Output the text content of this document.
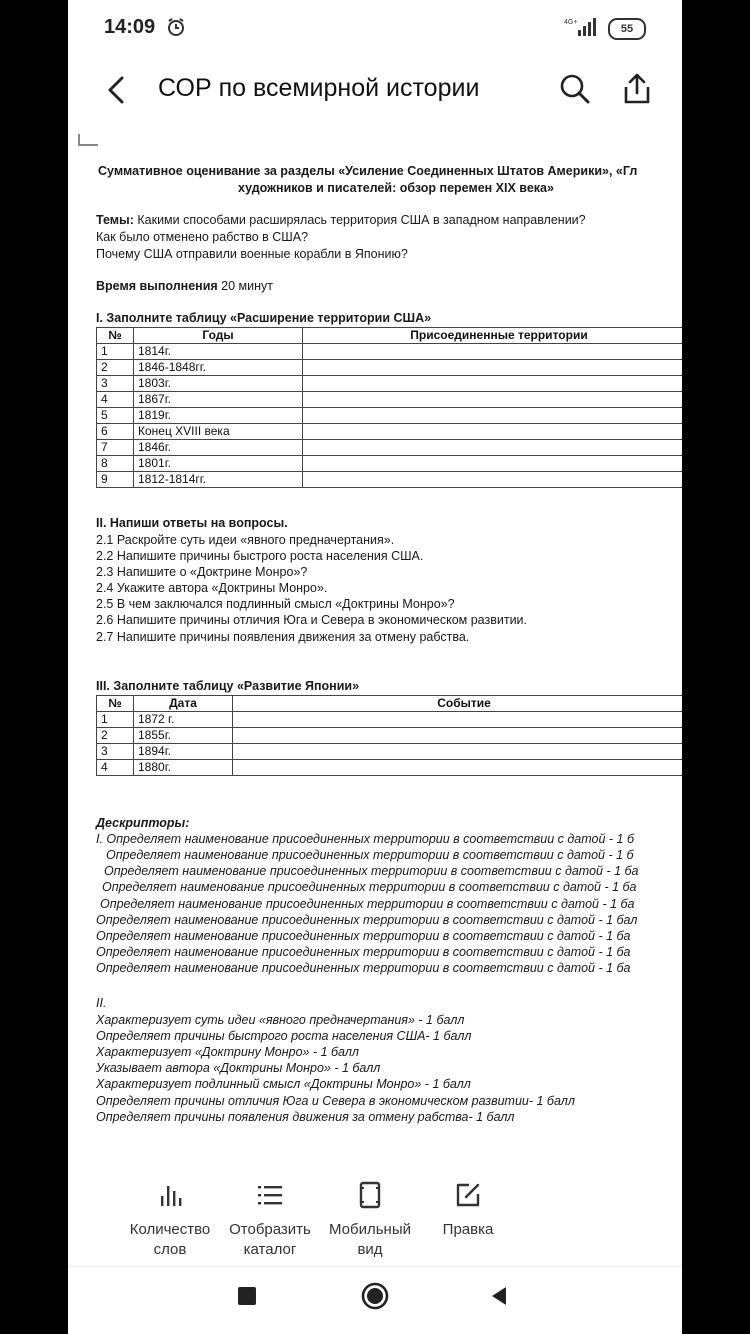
14:09	4G+
55
СОР по всемирной истории
Суммативное оценивание за разделы «Усиление Соединенных Штатов Америки», «Гл
художников и писателей: обзор перемен XIX века»
Темы: Какими способами расширялась территория США в западном направлении?
Как было отменено рабство в США?
Почему США отправили военные корабли в Японию?
Время выполнения 20 минут
I. Заполните таблицу «Расширение территории США»
№	Годы	Присоединенные территории
1	1814г.	
2	1846-1848гг.	
3	1803г.	
4	1867г.	
5	1819г.	
6	Конец XVIII века	
7	1846г.	
8	1801г.	
9	1812-1814гг.	
II. Напиши ответы на вопросы.
2.1 Раскройте суть идеи «явного предначертания».
2.2 Напишите причины быстрого роста населения США.
2.3 Напишите о «Доктрине Монро»?
2.4 Укажите автора «Доктрины Монро».
2.5 В чем заключался подлинный смысл «Доктрины Монро»?
2.6 Напишите причины отличия Юга и Севера в экономическом развитии.
2.7 Напишите причины появления движения за отмену рабства.
III. Заполните таблицу «Развитие Японии»
№	Дата	Событие
1	1872 г.	
2	1855г.	
3	1894г.	
4	1880г.	
Дескрипторы:
I. Определяет наименование присоединенных территории в соответствии с датой - 1 б
Определяет наименование присоединенных территории в соответствии с датой - 1 б
Определяет наименование присоединенных территории в соответствии с датой - 1 ба
Определяет наименование присоединенных территории в соответствии с датой - 1 ба
Определяет наименование присоединенных территории в соответствии с датой - 1 ба
Определяет наименование присоединенных территории в соответствии с датой - 1 бал
Определяет наименование присоединенных территории в соответствии с датой - 1 ба
Определяет наименование присоединенных территории в соответствии с датой - 1 ба
Определяет наименование присоединенных территории в соответствии с датой - 1 ба
II.
Характеризует суть идеи «явного предначертания» - 1 балл
Определяет причины быстрого роста населения США- 1 балл
Характеризует «Доктрину Монро» - 1 балл
Указывает автора «Доктрины Монро» - 1 балл
Характеризует подлинный смысл «Доктрины Монро» - 1 балл
Определяет причины отличия Юга и Севера в экономическом развитии- 1 балл
Определяет причины появления движения за отмену рабства- 1 балл
Количество
слов
Отобразить
каталог
Мобильный
вид
Правка
